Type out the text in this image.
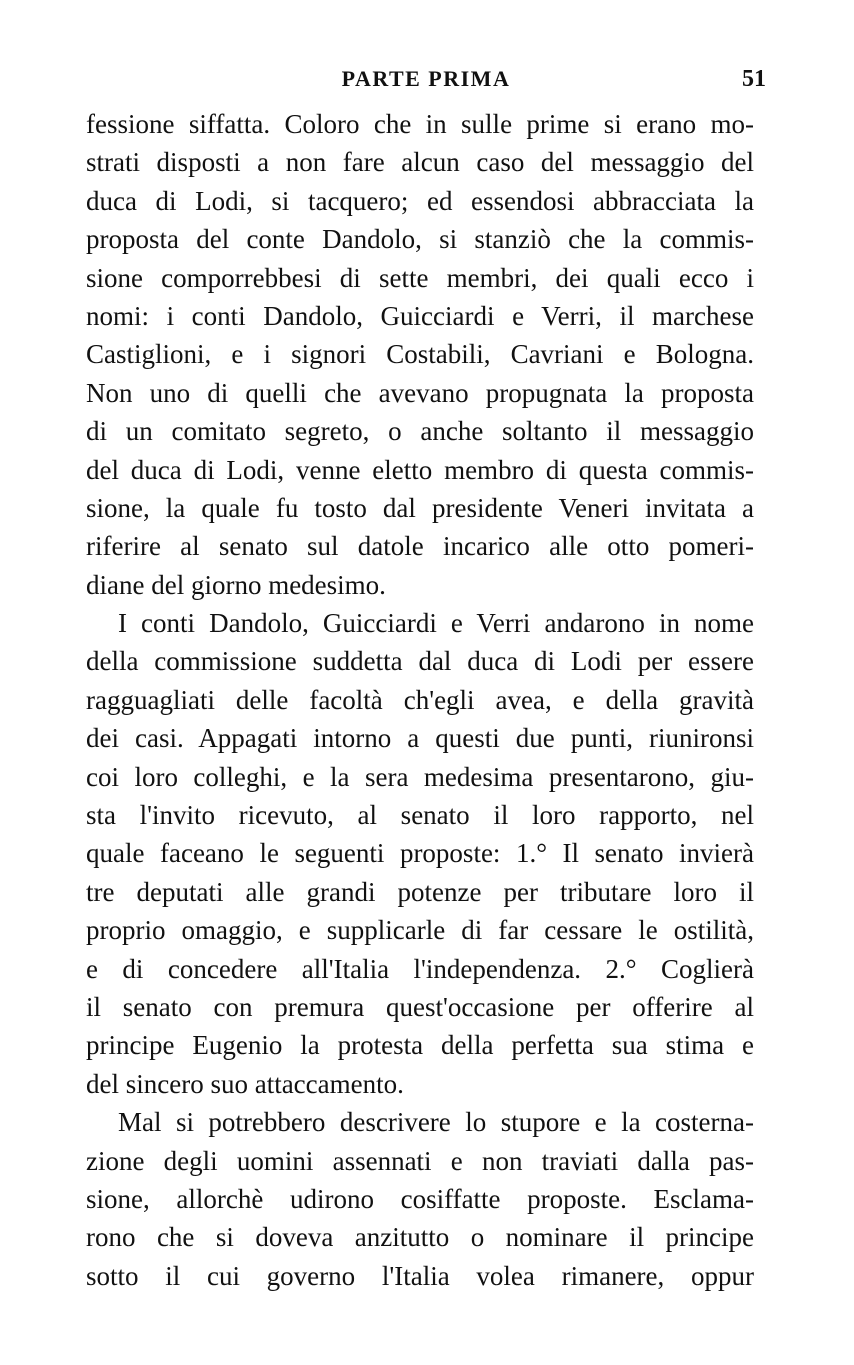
PARTE PRIMA	51
fessione siffatta. Coloro che in sulle prime si erano mo-
strati disposti a non fare alcun caso del messaggio del
duca di Lodi, si tacquero; ed essendosi abbracciata la
proposta del conte Dandolo, si stanziò che la commis-
sione comporrebbesi di sette membri, dei quali ecco i
nomi: i conti Dandolo, Guicciardi e Verri, il marchese
Castiglioni, e i signori Costabili, Cavriani e Bologna.
Non uno di quelli che avevano propugnata la proposta
di un comitato segreto, o anche soltanto il messaggio
del duca di Lodi, venne eletto membro di questa commis-
sione, la quale fu tosto dal presidente Veneri invitata a
riferire al senato sul datole incarico alle otto pomeri-
diane del giorno medesimo.
I conti Dandolo, Guicciardi e Verri andarono in nome
della commissione suddetta dal duca di Lodi per essere
ragguagliati delle facoltà ch'egli avea, e della gravità
dei casi. Appagati intorno a questi due punti, riunironsi
coi loro colleghi, e la sera medesima presentarono, giu-
sta l'invito ricevuto, al senato il loro rapporto, nel
quale faceano le seguenti proposte: 1.° Il senato invierà
tre deputati alle grandi potenze per tributare loro il
proprio omaggio, e supplicarle di far cessare le ostilità,
e di concedere all'Italia l'independenza. 2.° Coglierà
il senato con premura quest'occasione per offerire al
principe Eugenio la protesta della perfetta sua stima e
del sincero suo attaccamento.
Mal si potrebbero descrivere lo stupore e la costerna-
zione degli uomini assennati e non traviati dalla pas-
sione, allorchè udirono cosiffatte proposte. Esclama-
rono che si doveva anzitutto o nominare il principe
sotto il cui governo l'Italia volea rimanere, oppur
